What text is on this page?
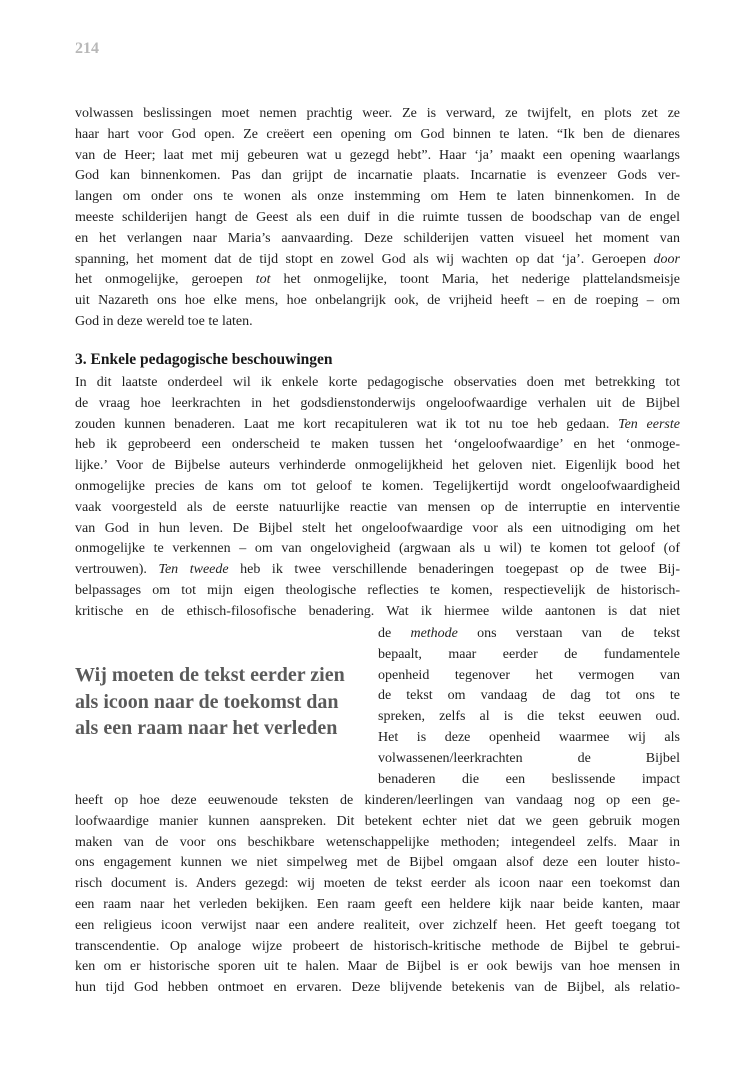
214
volwassen beslissingen moet nemen prachtig weer. Ze is verward, ze twijfelt, en plots zet ze
haar hart voor God open. Ze creëert een opening om God binnen te laten. “Ik ben de dienares
van de Heer; laat met mij gebeuren wat u gezegd hebt”. Haar ‘ja’ maakt een opening waarlangs
God kan binnenkomen. Pas dan grijpt de incarnatie plaats. Incarnatie is evenzeer Gods ver-
langen om onder ons te wonen als onze instemming om Hem te laten binnenkomen. In de
meeste schilderijen hangt de Geest als een duif in die ruimte tussen de boodschap van de engel
en het verlangen naar Maria’s aanvaarding. Deze schilderijen vatten visueel het moment van
spanning, het moment dat de tijd stopt en zowel God als wij wachten op dat ‘ja’. Geroepen door
het onmogelijke, geroepen tot het onmogelijke, toont Maria, het nederige plattelandsmeisje
uit Nazareth ons hoe elke mens, hoe onbelangrijk ook, de vrijheid heeft – en de roeping – om
God in deze wereld toe te laten.
3. Enkele pedagogische beschouwingen
In dit laatste onderdeel wil ik enkele korte pedagogische observaties doen met betrekking tot
de vraag hoe leerkrachten in het godsdienstonderwijs ongeloofwaardige verhalen uit de Bijbel
zouden kunnen benaderen. Laat me kort recapituleren wat ik tot nu toe heb gedaan. Ten eerste
heb ik geprobeerd een onderscheid te maken tussen het ‘ongeloofwaardige’ en het ‘onmoge-
lijke.’ Voor de Bijbelse auteurs verhinderde onmogelijkheid het geloven niet. Eigenlijk bood het
onmogelijke precies de kans om tot geloof te komen. Tegelijkertijd wordt ongeloofwaardigheid
vaak voorgesteld als de eerste natuurlijke reactie van mensen op de interruptie en interventie
van God in hun leven. De Bijbel stelt het ongeloofwaardige voor als een uitnodiging om het
onmogelijke te verkennen – om van ongelovigheid (argwaan als u wil) te komen tot geloof (of
vertrouwen). Ten tweede heb ik twee verschillende benaderingen toegepast op de twee Bij-
belpassages om tot mijn eigen theologische reflecties te komen, respectievelijk de historisch-
kritische en de ethisch-filosofische benadering. Wat ik hiermee wilde aantonen is dat niet
Wij moeten de tekst eerder zien
als icoon naar de toekomst dan
als een raam naar het verleden
de methode ons verstaan van de tekst
bepaalt, maar eerder de fundamentele
openheid tegenover het vermogen van
de tekst om vandaag de dag tot ons te
spreken, zelfs al is die tekst eeuwen oud.
Het is deze openheid waarmee wij als
volwassenen/leerkrachten de Bijbel
benaderen die een beslissende impact
heeft op hoe deze eeuwenoude teksten de kinderen/leerlingen van vandaag nog op een ge-
loofwaardige manier kunnen aanspreken. Dit betekent echter niet dat we geen gebruik mogen
maken van de voor ons beschikbare wetenschappelijke methoden; integendeel zelfs. Maar in
ons engagement kunnen we niet simpelweg met de Bijbel omgaan alsof deze een louter histo-
risch document is. Anders gezegd: wij moeten de tekst eerder als icoon naar een toekomst dan
een raam naar het verleden bekijken. Een raam geeft een heldere kijk naar beide kanten, maar
een religieus icoon verwijst naar een andere realiteit, over zichzelf heen. Het geeft toegang tot
transcendentie. Op analoge wijze probeert de historisch-kritische methode de Bijbel te gebrui-
ken om er historische sporen uit te halen. Maar de Bijbel is er ook bewijs van hoe mensen in
hun tijd God hebben ontmoet en ervaren. Deze blijvende betekenis van de Bijbel, als relatio-
